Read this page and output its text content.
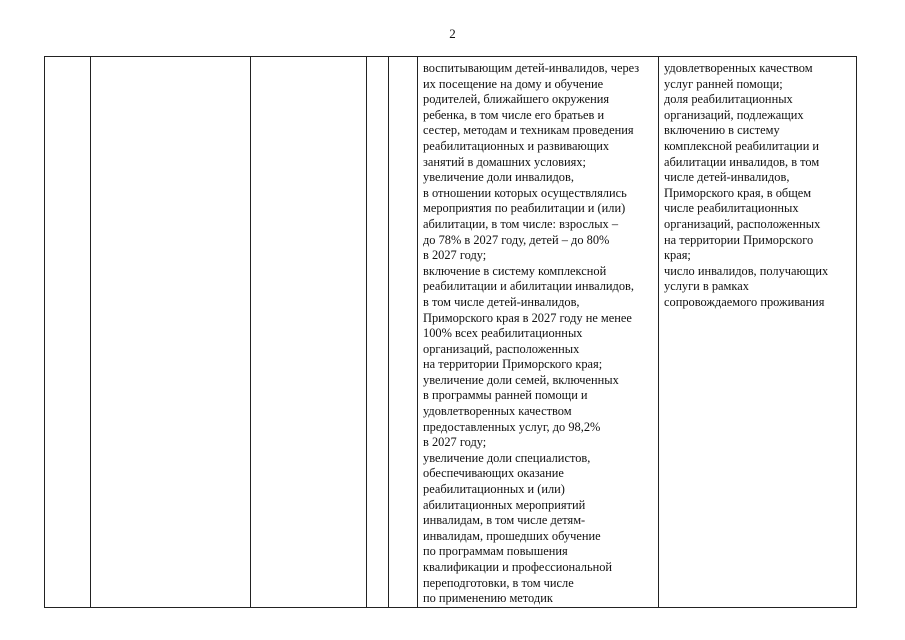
2

воспитывающим детей-инвалидов, через
их посещение на дому и обучение
родителей, ближайшего окружения
ребенка, в том числе его братьев и
сестер, методам и техникам проведения
реабилитационных и развивающих
занятий в домашних условиях;
увеличение доли инвалидов,
в отношении которых осуществлялись
мероприятия по реабилитации и (или)
абилитации, в том числе: взрослых –
до 78% в 2027 году, детей – до 80%
в 2027 году;
включение в систему комплексной
реабилитации и абилитации инвалидов,
в том числе детей-инвалидов,
Приморского края в 2027 году не менее
100% всех реабилитационных
организаций, расположенных
на территории Приморского края;
увеличение доли семей, включенных
в программы ранней помощи и
удовлетворенных качеством
предоставленных услуг, до 98,2%
в 2027 году;
увеличение доли специалистов,
обеспечивающих оказание
реабилитационных и (или)
абилитационных мероприятий
инвалидам, в том числе детям-
инвалидам, прошедших обучение
по программам повышения
квалификации и профессиональной
переподготовки, в том числе
по применению методик

удовлетворенных качеством
услуг ранней помощи;
доля реабилитационных
организаций, подлежащих
включению в систему
комплексной реабилитации и
абилитации инвалидов, в том
числе детей-инвалидов,
Приморского края, в общем
числе реабилитационных
организаций, расположенных
на территории Приморского
края;
число инвалидов, получающих
услуги в рамках
сопровождаемого проживания
